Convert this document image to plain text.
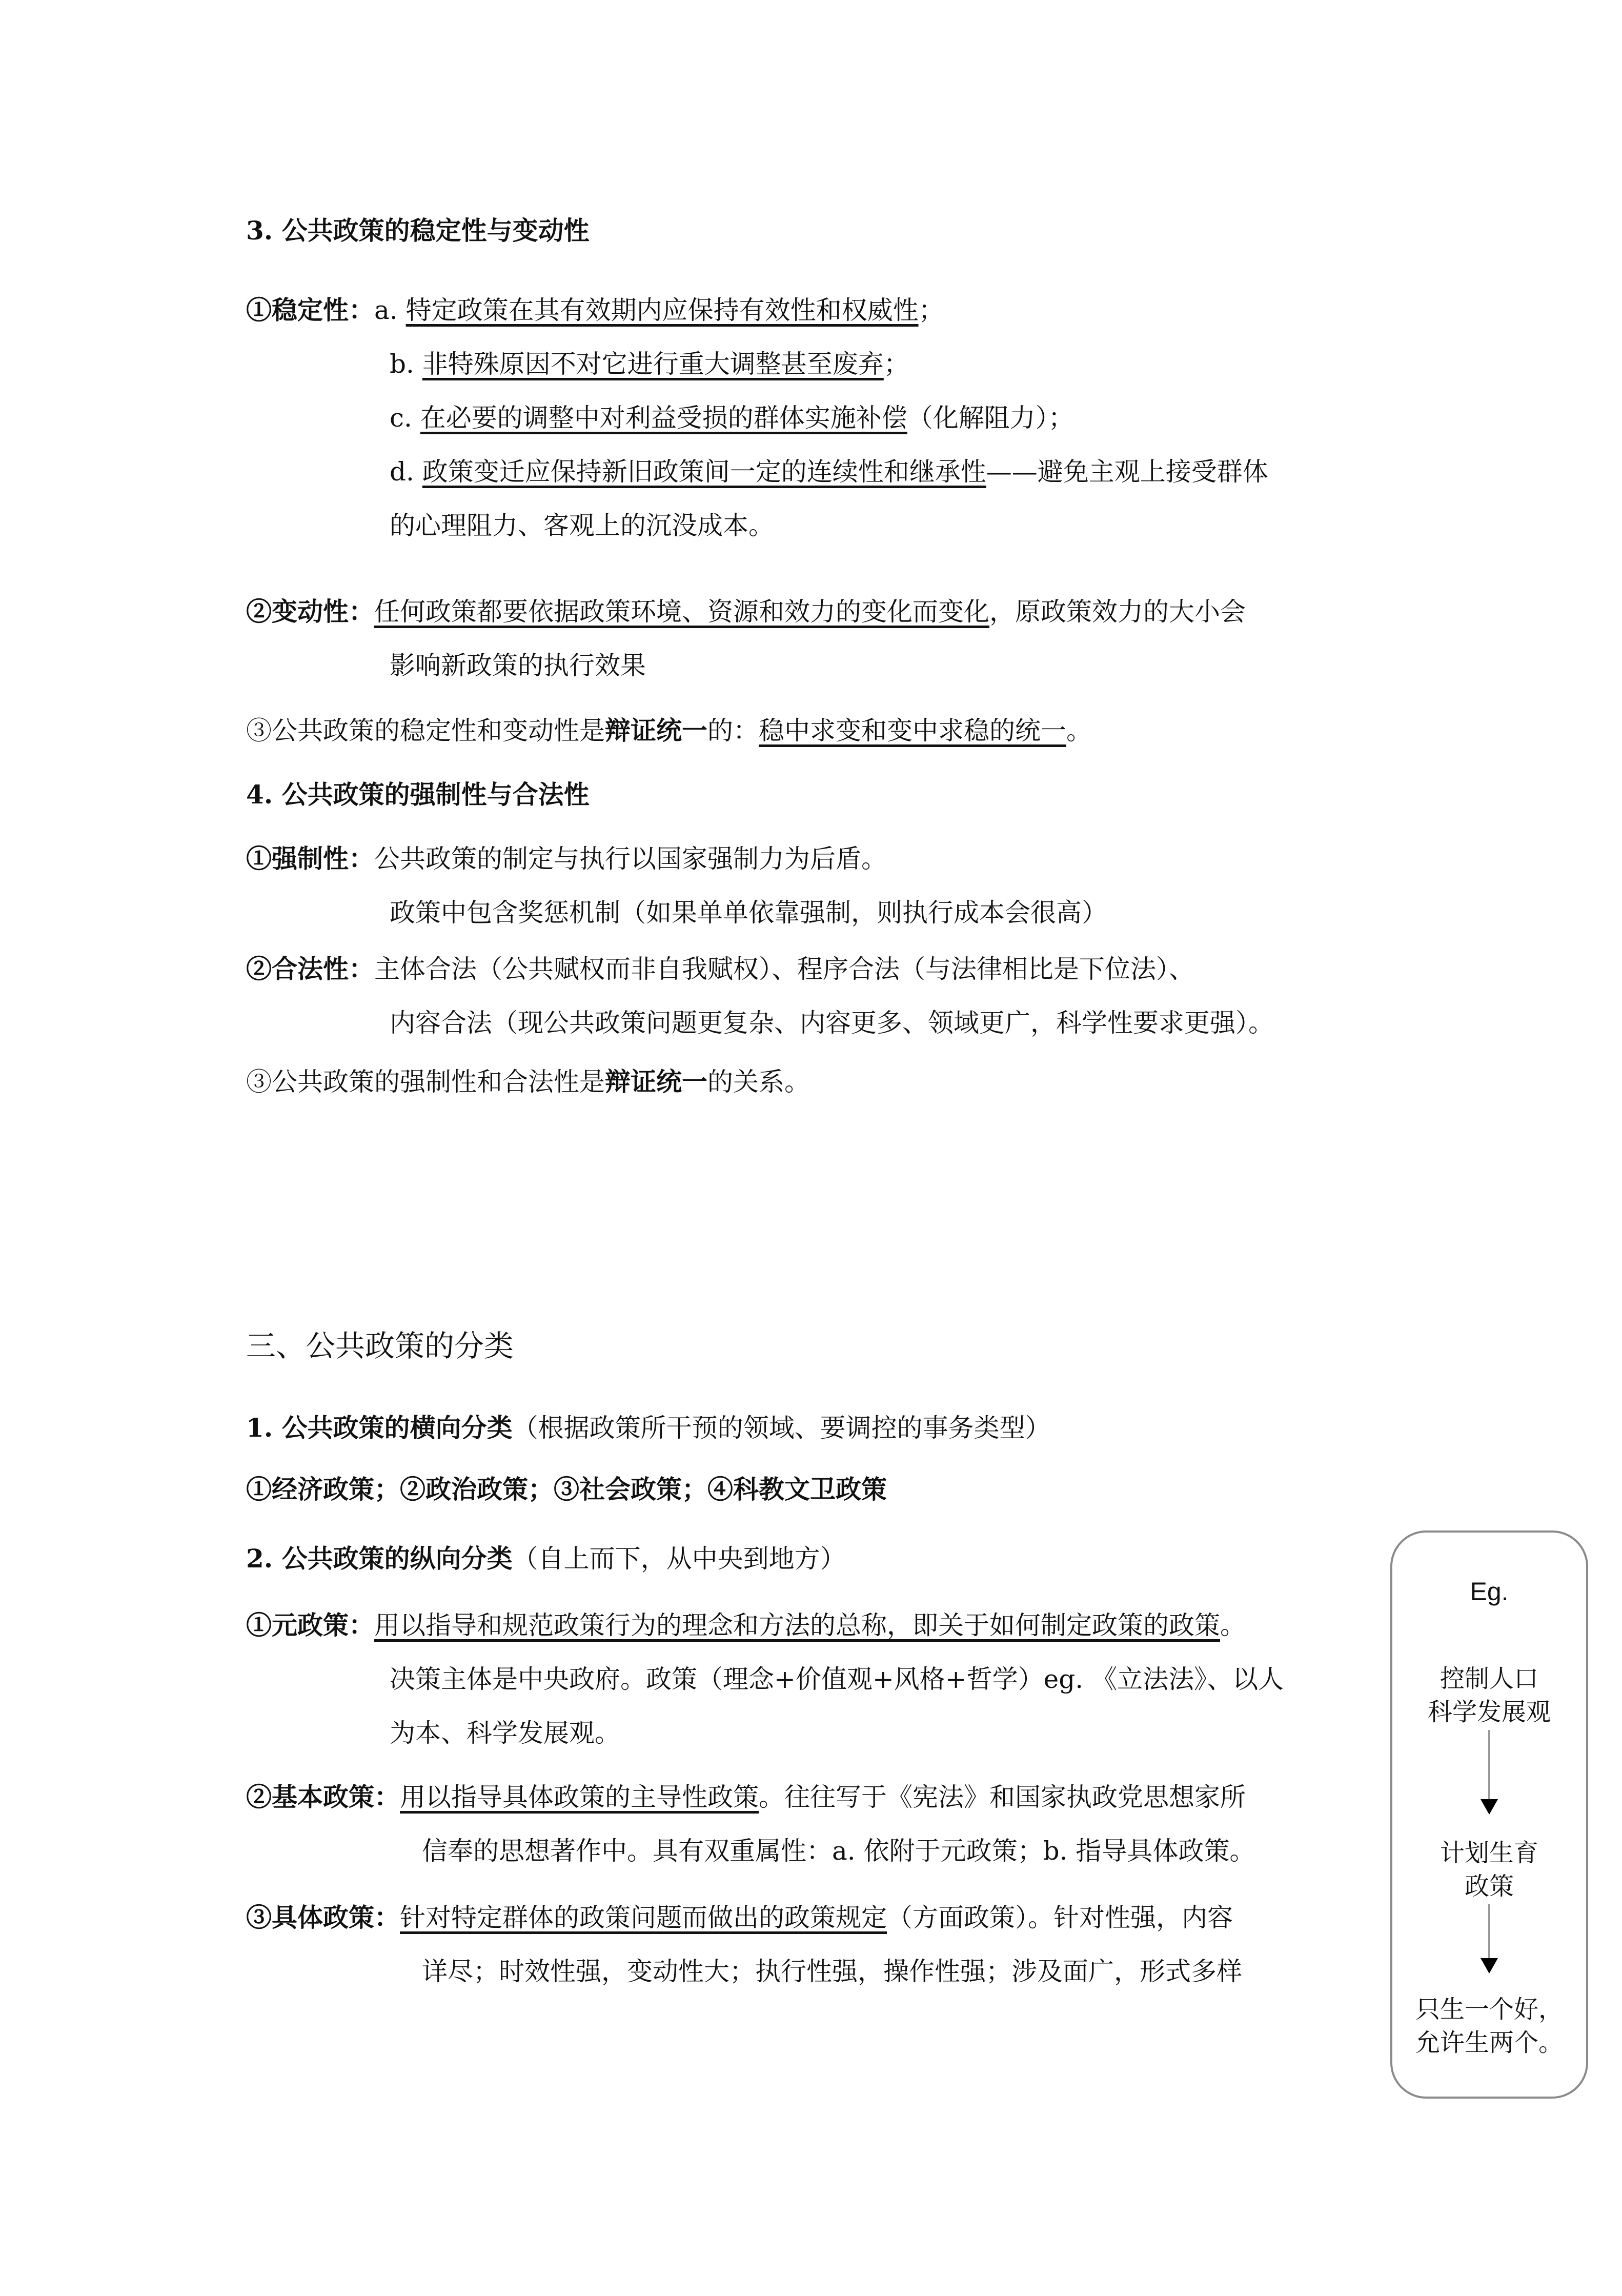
3. 公共政策的稳定性与变动性
①稳定性：a. 特定政策在其有效期内应保持有效性和权威性；
b. 非特殊原因不对它进行重大调整甚至废弃；
c. 在必要的调整中对利益受损的群体实施补偿（化解阻力）；
d. 政策变迁应保持新旧政策间一定的连续性和继承性——避免主观上接受群体
的心理阻力、客观上的沉没成本。
②变动性：任何政策都要依据政策环境、资源和效力的变化而变化，原政策效力的大小会
影响新政策的执行效果
③公共政策的稳定性和变动性是辩证统一的：稳中求变和变中求稳的统一。
4. 公共政策的强制性与合法性
①强制性：公共政策的制定与执行以国家强制力为后盾。
政策中包含奖惩机制（如果单单依靠强制，则执行成本会很高）
②合法性：主体合法（公共赋权而非自我赋权）、程序合法（与法律相比是下位法）、
内容合法（现公共政策问题更复杂、内容更多、领域更广，科学性要求更强）。
③公共政策的强制性和合法性是辩证统一的关系。
三、公共政策的分类
1. 公共政策的横向分类（根据政策所干预的领域、要调控的事务类型）
①经济政策；②政治政策；③社会政策；④科教文卫政策
2. 公共政策的纵向分类（自上而下，从中央到地方）
①元政策：用以指导和规范政策行为的理念和方法的总称，即关于如何制定政策的政策。
决策主体是中央政府。政策（理念+价值观+风格+哲学）eg. 《立法法》、以人
为本、科学发展观。
②基本政策：用以指导具体政策的主导性政策。往往写于《宪法》和国家执政党思想家所
信奉的思想著作中。具有双重属性：a. 依附于元政策；b. 指导具体政策。
③具体政策：针对特定群体的政策问题而做出的政策规定（方面政策）。针对性强，内容
详尽；时效性强，变动性大；执行性强，操作性强；涉及面广，形式多样
Eg.
控制人口
科学发展观
计划生育
政策
只生一个好，
允许生两个。
